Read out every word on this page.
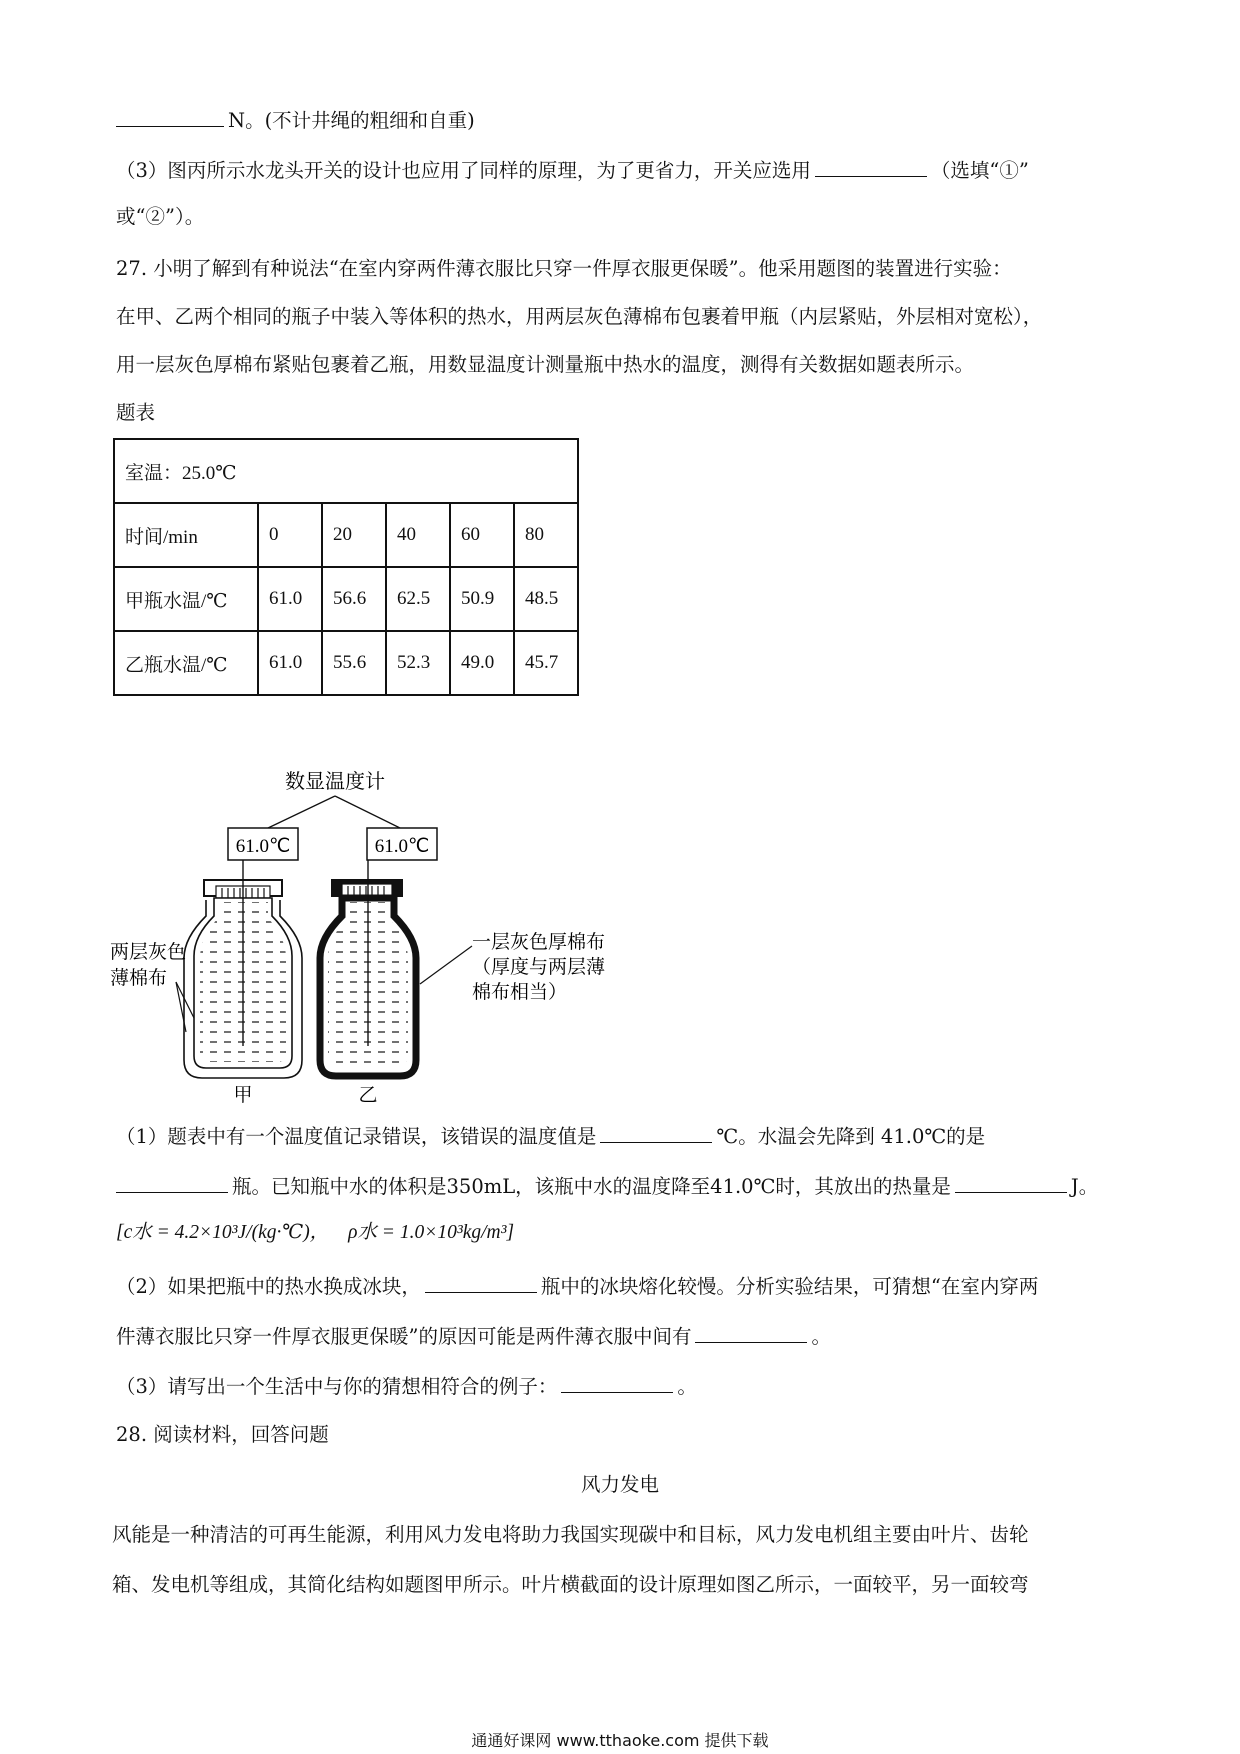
N。(不计井绳的粗细和自重)
（3）图丙所示水龙头开关的设计也应用了同样的原理，为了更省力，开关应选用	（选填“①”
或“②”）。
27. 小明了解到有种说法“在室内穿两件薄衣服比只穿一件厚衣服更保暖”。他采用题图的装置进行实验：
在甲、乙两个相同的瓶子中装入等体积的热水，用两层灰色薄棉布包裹着甲瓶（内层紧贴，外层相对宽松），
用一层灰色厚棉布紧贴包裹着乙瓶，用数显温度计测量瓶中热水的温度，测得有关数据如题表所示。
题表
室温：25.0℃					
时间/min	0	20	40	60	80
甲瓶水温/℃	61.0	56.6	62.5	50.9	48.5
乙瓶水温/℃	61.0	55.6	52.3	49.0	45.7
数显温度计
61.0℃	61.0℃
两层灰色
薄棉布
一层灰色厚棉布
（厚度与两层薄
棉布相当）
甲	乙
（1）题表中有一个温度值记录错误，该错误的温度值是	℃。水温会先降到 41.0℃的是
瓶。已知瓶中水的体积是350mL，该瓶中水的温度降至41.0℃时，其放出的热量是	J。
[c水 = 4.2×10³J/(kg·℃)， ρ水 = 1.0×10³kg/m³]
（2）如果把瓶中的热水换成冰块，	瓶中的冰块熔化较慢。分析实验结果，可猜想“在室内穿两
件薄衣服比只穿一件厚衣服更保暖”的原因可能是两件薄衣服中间有	。
（3）请写出一个生活中与你的猜想相符合的例子：	。
28. 阅读材料，回答问题
风力发电
风能是一种清洁的可再生能源，利用风力发电将助力我国实现碳中和目标，风力发电机组主要由叶片、齿轮
箱、发电机等组成，其简化结构如题图甲所示。叶片横截面的设计原理如图乙所示，一面较平，另一面较弯
通通好课网 www.tthaoke.com 提供下载
